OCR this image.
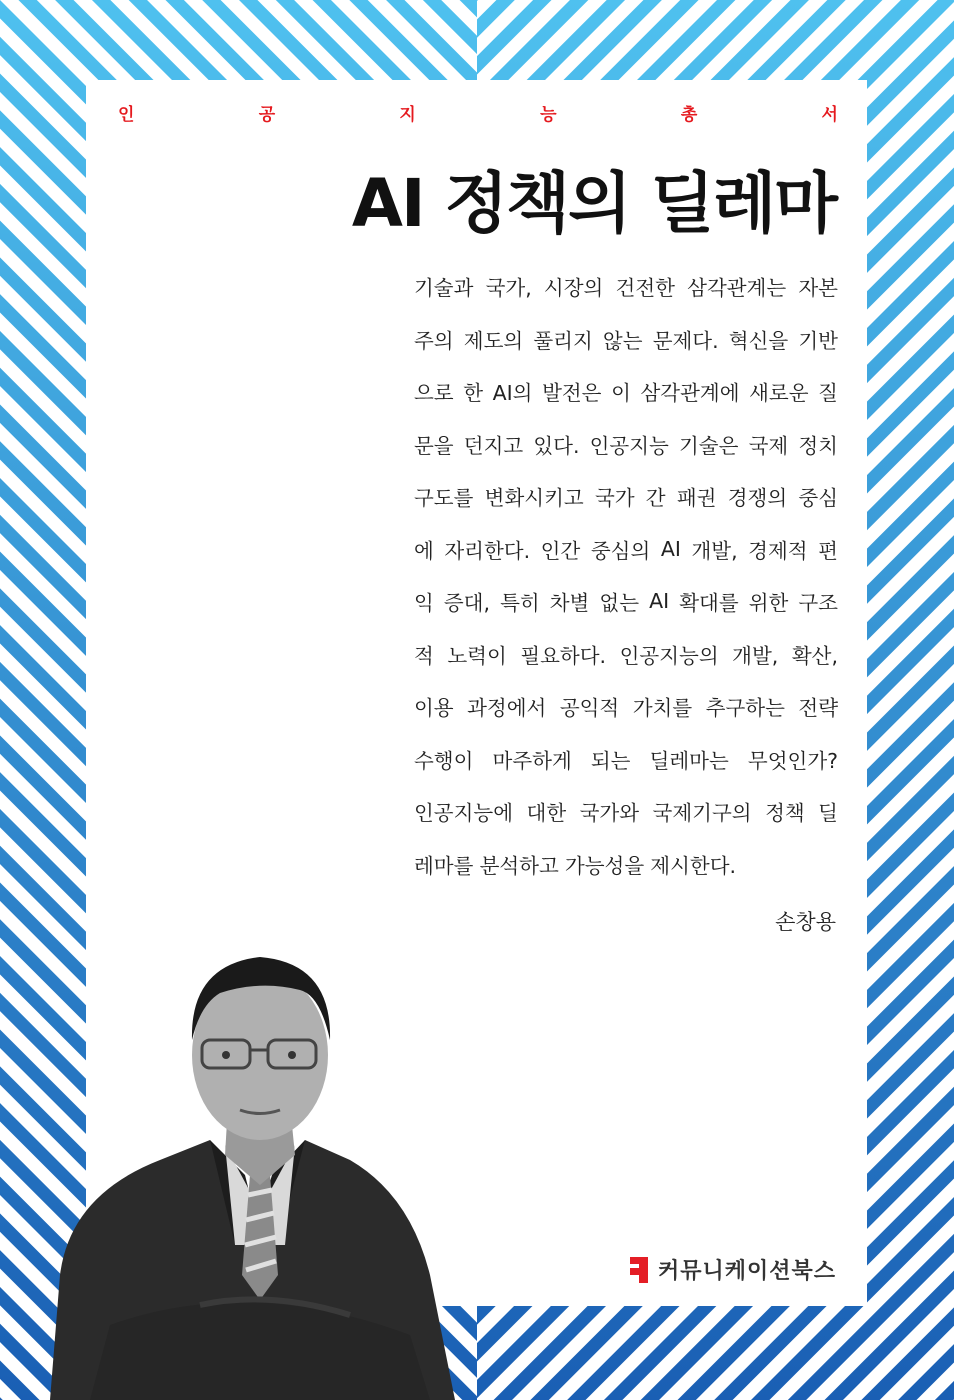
인	공	지	능	총	서
AI 정책의 딜레마
기술과 국가, 시장의 건전한 삼각관계는 자본
주의 제도의 풀리지 않는 문제다. 혁신을 기반
으로 한 AI의 발전은 이 삼각관계에 새로운 질
문을 던지고 있다. 인공지능 기술은 국제 정치
구도를 변화시키고 국가 간 패권 경쟁의 중심
에 자리한다. 인간 중심의 AI 개발, 경제적 편
익 증대, 특히 차별 없는 AI 확대를 위한 구조
적 노력이 필요하다. 인공지능의 개발, 확산,
이용 과정에서 공익적 가치를 추구하는 전략
수행이 마주하게 되는 딜레마는 무엇인가?
인공지능에 대한 국가와 국제기구의 정책 딜
레마를 분석하고 가능성을 제시한다.
손창용
커뮤니케이션북스
